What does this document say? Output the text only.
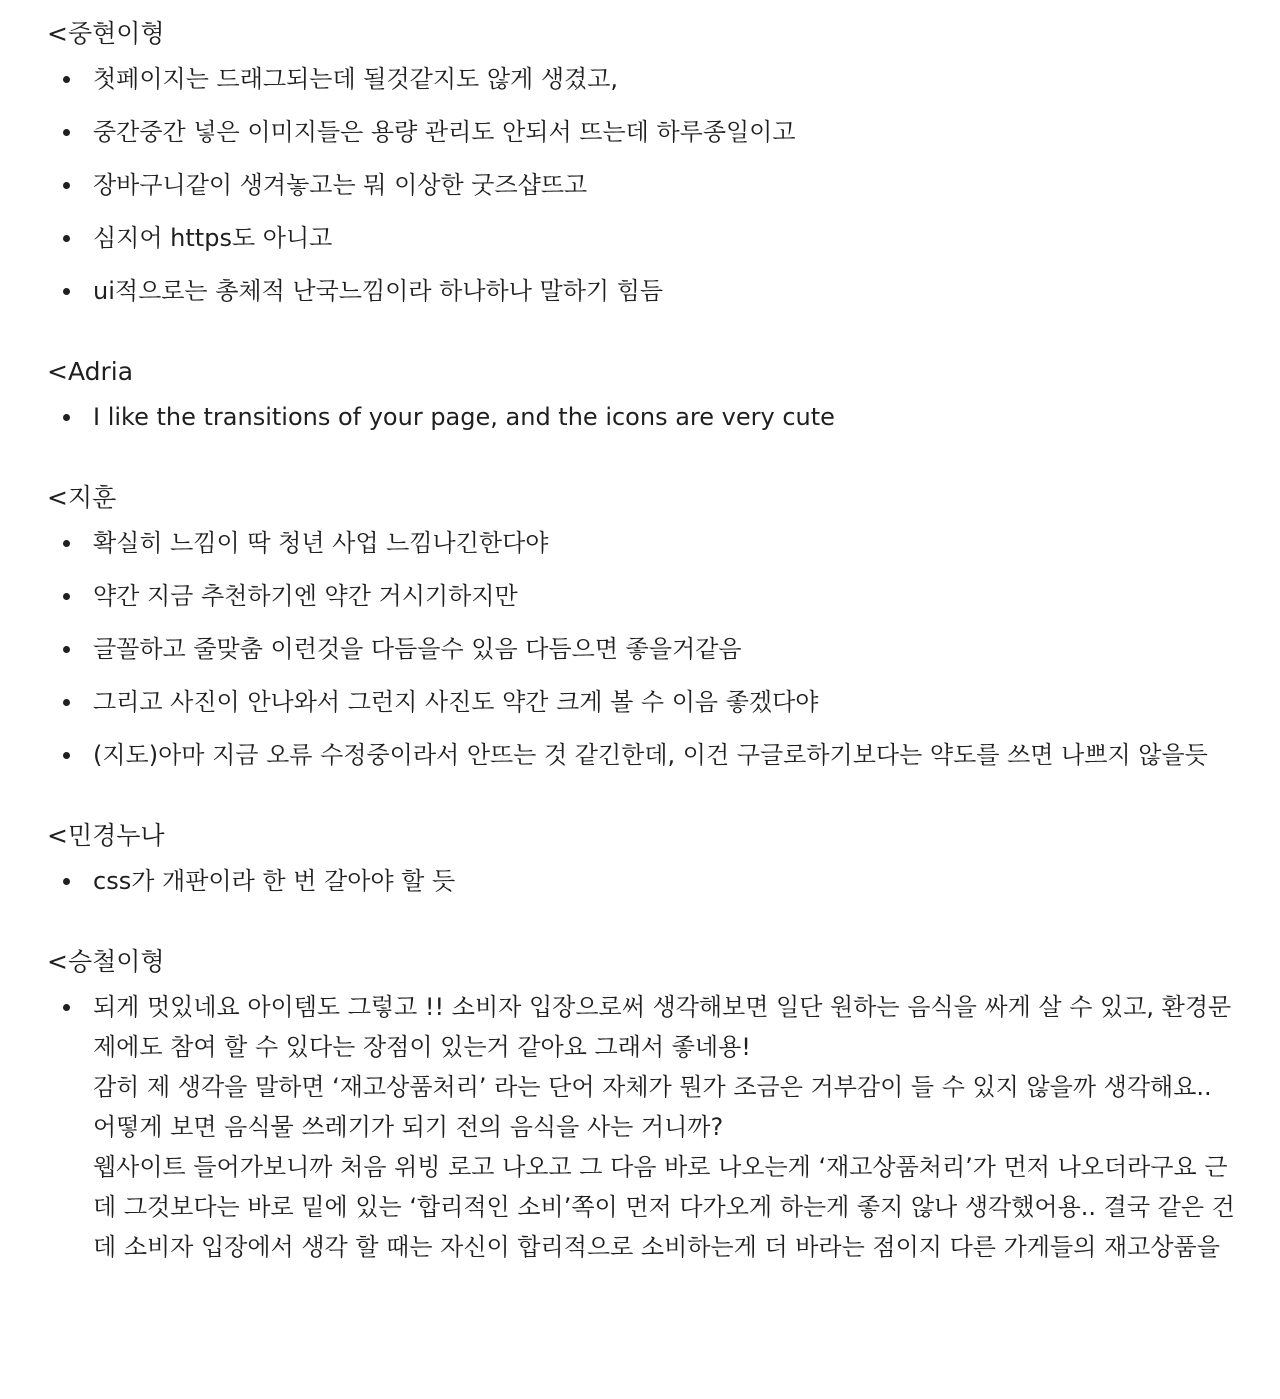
<중현이형
첫페이지는 드래그되는데 될것같지도 않게 생겼고,
중간중간 넣은 이미지들은 용량 관리도 안되서 뜨는데 하루종일이고
장바구니같이 생겨놓고는 뭐 이상한 굿즈샵뜨고
심지어 https도 아니고
ui적으로는 총체적 난국느낌이라 하나하나 말하기 힘듬
<Adria
I like the transitions of your page, and the icons are very cute
<지훈
확실히 느낌이 딱 청년 사업 느낌나긴한다야
약간 지금 추천하기엔 약간 거시기하지만
글꼴하고 줄맞춤 이런것을 다듬을수 있음 다듬으면 좋을거같음
그리고 사진이 안나와서 그런지 사진도 약간 크게 볼 수 이음 좋겠다야
(지도)아마 지금 오류 수정중이라서 안뜨는 것 같긴한데, 이건 구글로하기보다는 약도를 쓰면 나쁘지 않을듯
<민경누나
css가 개판이라 한 번 갈아야 할 듯
<승철이형
되게 멋있네요 아이템도 그렇고 !! 소비자 입장으로써 생각해보면 일단 원하는 음식을 싸게 살 수 있고, 환경문
제에도 참여 할 수 있다는 장점이 있는거 같아요 그래서 좋네용!
감히 제 생각을 말하면 ‘재고상품처리’ 라는 단어 자체가 뭔가 조금은 거부감이 들 수 있지 않을까 생각해요..
어떻게 보면 음식물 쓰레기가 되기 전의 음식을 사는 거니까?
웹사이트 들어가보니까 처음 위빙 로고 나오고 그 다음 바로 나오는게 ‘재고상품처리’가 먼저 나오더라구요 근
데 그것보다는 바로 밑에 있는 ‘합리적인 소비’쪽이 먼저 다가오게 하는게 좋지 않나 생각했어용.. 결국 같은 건
데 소비자 입장에서 생각 할 때는 자신이 합리적으로 소비하는게 더 바라는 점이지 다른 가게들의 재고상품을
